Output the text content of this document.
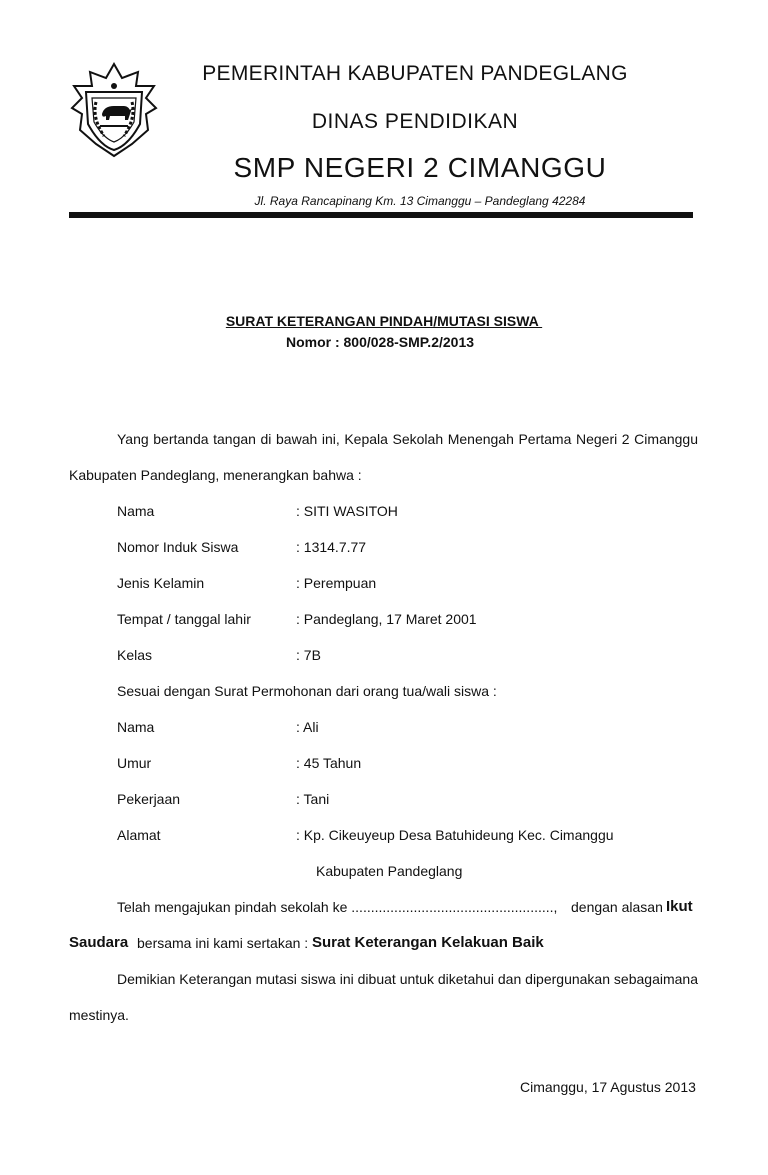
PEMERINTAH KABUPATEN PANDEGLANG
DINAS PENDIDIKAN
SMP NEGERI 2 CIMANGGU
Jl. Raya Rancapinang Km. 13 Cimanggu – Pandeglang 42284
SURAT KETERANGAN PINDAH/MUTASI SISWA
Nomor : 800/028-SMP.2/2013
Yang bertanda tangan di bawah ini, Kepala Sekolah Menengah Pertama Negeri 2 Cimanggu
Kabupaten Pandeglang, menerangkan bahwa :
Nama	: SITI WASITOH
Nomor Induk Siswa	: 1314.7.77
Jenis Kelamin	: Perempuan
Tempat / tanggal lahir	: Pandeglang, 17 Maret 2001
Kelas	: 7B
Sesuai dengan Surat Permohonan dari orang tua/wali siswa :
Nama	: Ali
Umur	: 45 Tahun
Pekerjaan	: Tani
Alamat	: Kp. Cikeuyeup Desa Batuhideung Kec. Cimanggu
Kabupaten Pandeglang
Telah mengajukan pindah sekolah ke ...................................................., dengan alasan Ikut
Saudara bersama ini kami sertakan : Surat Keterangan Kelakuan Baik
Demikian Keterangan mutasi siswa ini dibuat untuk diketahui dan dipergunakan sebagaimana
mestinya.
Cimanggu, 17 Agustus 2013
